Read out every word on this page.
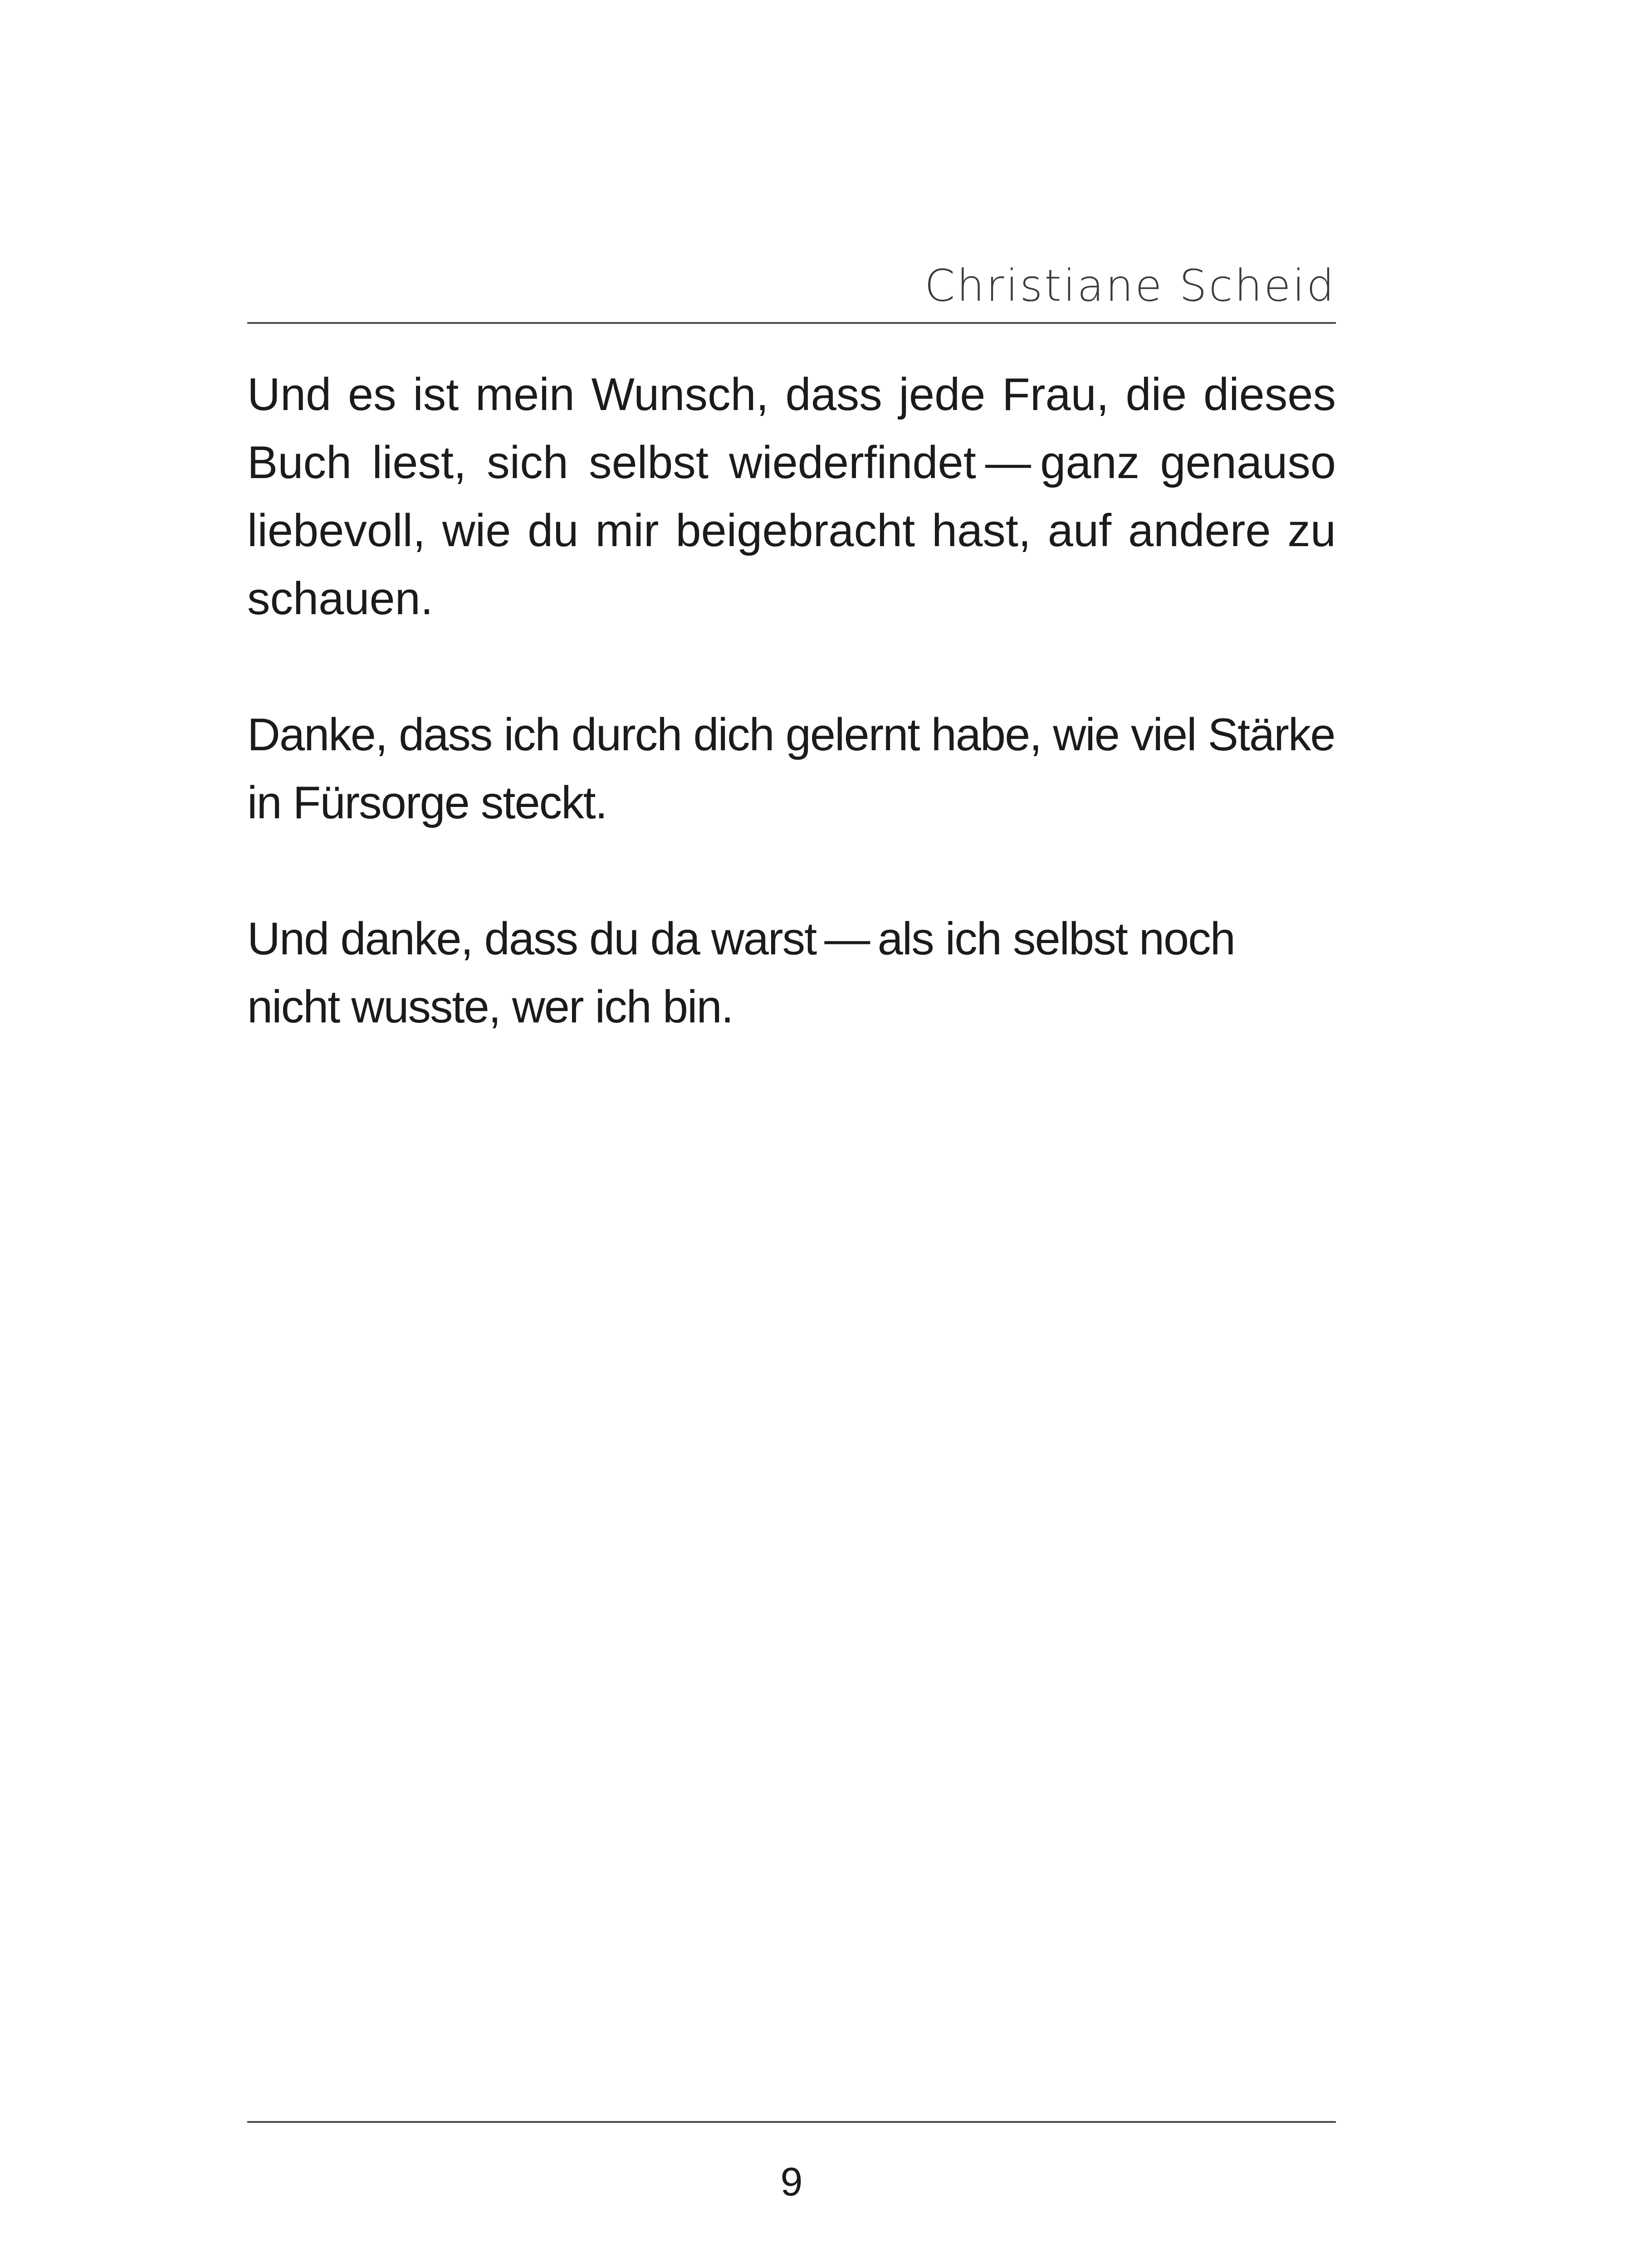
Christiane Scheid

Und es ist mein Wunsch, dass jede Frau, die dieses Buch liest, sich selbst wiederfindet — ganz genauso liebevoll, wie du mir beigebracht hast, auf andere zu schauen.

Danke, dass ich durch dich gelernt habe, wie viel Stärke in Fürsorge steckt.

Und danke, dass du da warst — als ich selbst noch nicht wusste, wer ich bin.

9
